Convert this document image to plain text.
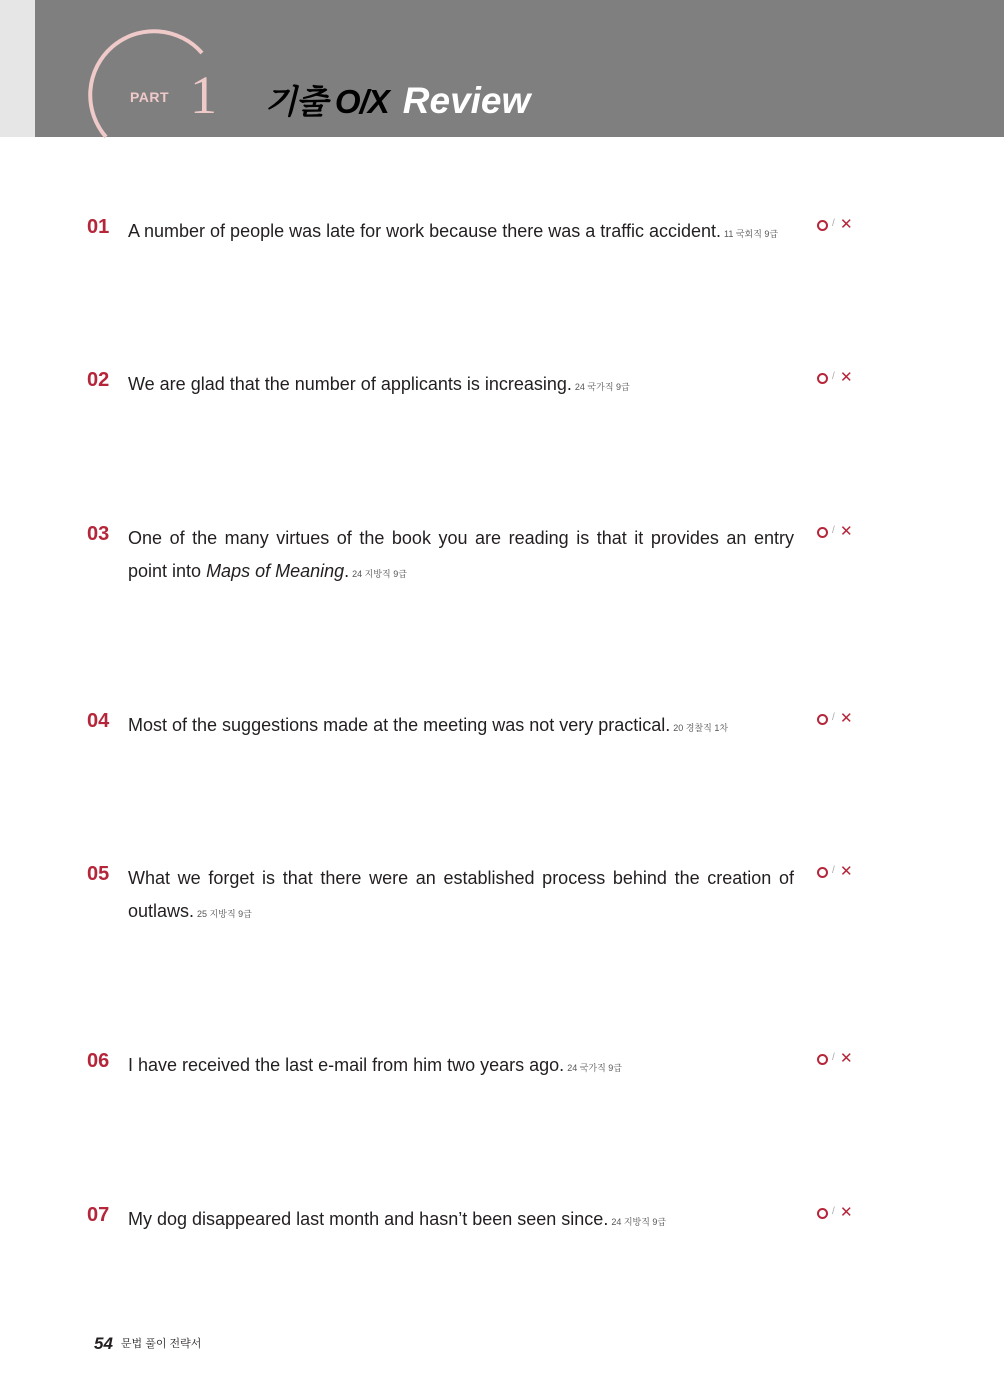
PART 1 기출 O/X Review
01 A number of people was late for work because there was a traffic accident. 11 국회직 9급
/ ✕
02 We are glad that the number of applicants is increasing. 24 국가직 9급
/ ✕
03 One of the many virtues of the book you are reading is that it provides an entry point into Maps of Meaning. 24 지방직 9급
/ ✕
04 Most of the suggestions made at the meeting was not very practical. 20 경찰직 1차
/ ✕
05 What we forget is that there were an established process behind the creation of outlaws. 25 지방직 9급
/ ✕
06 I have received the last e-mail from him two years ago. 24 국가직 9급
/ ✕
07 My dog disappeared last month and hasn’t been seen since. 24 지방직 9급
/ ✕
54 문법 풀이 전략서
